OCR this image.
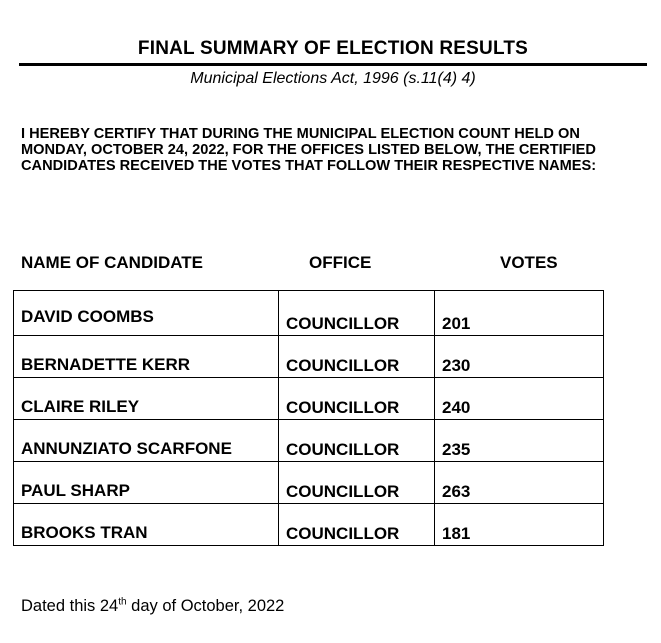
FINAL SUMMARY OF ELECTION RESULTS
Municipal Elections Act, 1996 (s.11(4) 4)
I HEREBY CERTIFY THAT DURING THE MUNICIPAL ELECTION COUNT HELD ON MONDAY, OCTOBER 24, 2022, FOR THE OFFICES LISTED BELOW, THE CERTIFIED CANDIDATES RECEIVED THE VOTES THAT FOLLOW THEIR RESPECTIVE NAMES:
NAME OF CANDIDATE	OFFICE	VOTES
DAVID COOMBS	COUNCILLOR	201
BERNADETTE KERR	COUNCILLOR	230
CLAIRE RILEY	COUNCILLOR	240
ANNUNZIATO SCARFONE	COUNCILLOR	235
PAUL SHARP	COUNCILLOR	263
BROOKS TRAN	COUNCILLOR	181
Dated this 24th day of October, 2022
